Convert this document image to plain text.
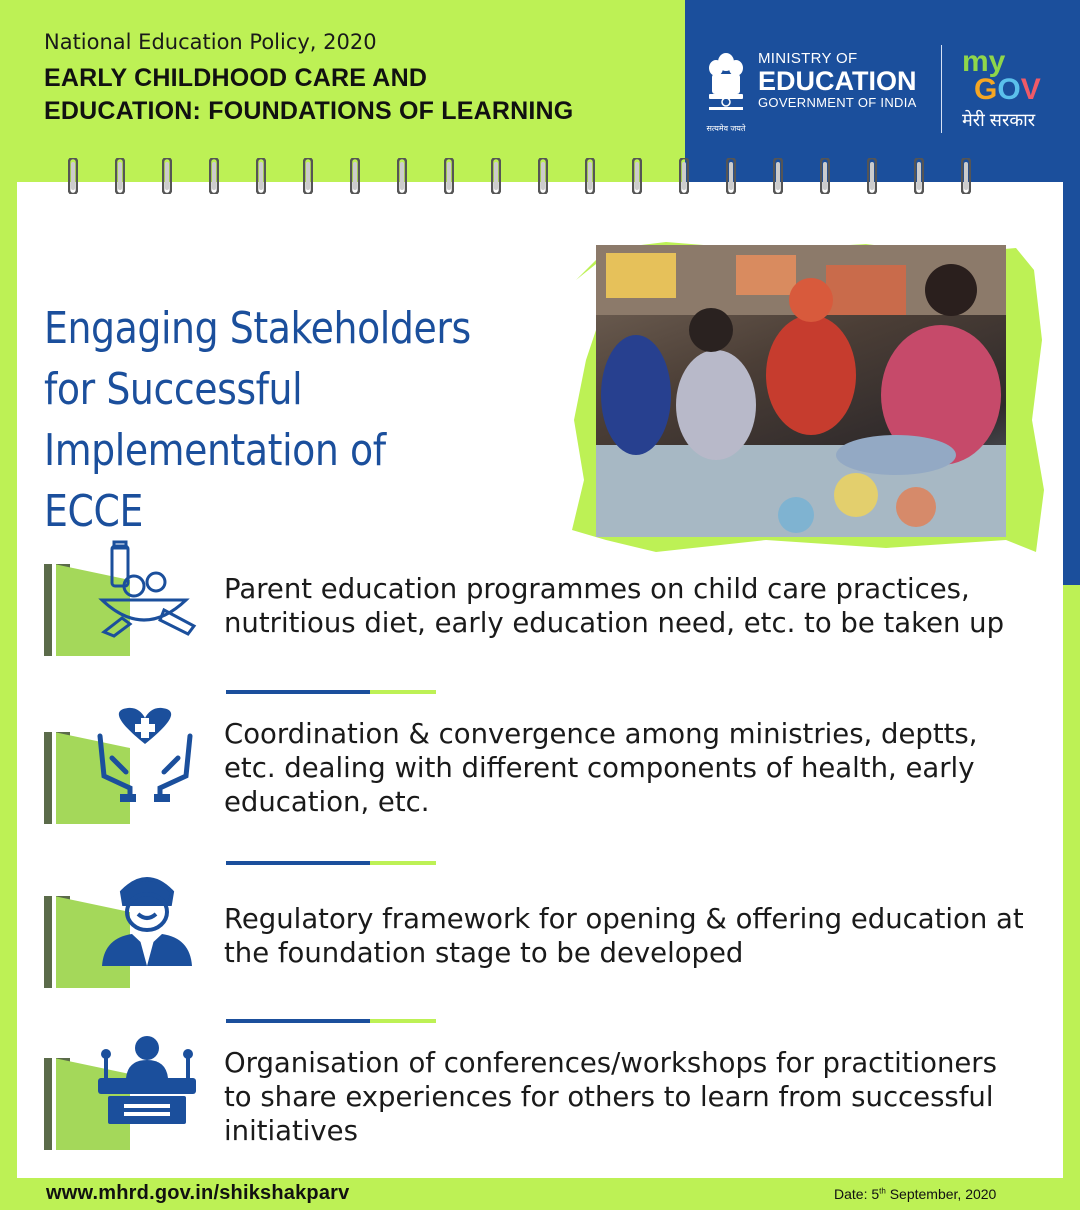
National Education Policy, 2020
EARLY CHILDHOOD CARE AND
EDUCATION: FOUNDATIONS OF LEARNING
सत्यमेव जयते
MINISTRY OF
EDUCATION
GOVERNMENT OF INDIA
my
GOV
मेरी सरकार
Engaging Stakeholders
for Successful
Implementation of ECCE
Parent education programmes on child care practices, nutritious diet, early education need, etc. to be taken up
Coordination & convergence among ministries, deptts, etc. dealing with different components of health, early education, etc.
Regulatory framework for opening & offering education at the foundation stage to be developed
Organisation of conferences/workshops for practitioners to share experiences for others to learn from successful initiatives
www.mhrd.gov.in/shikshakparv	Date: 5th September, 2020
